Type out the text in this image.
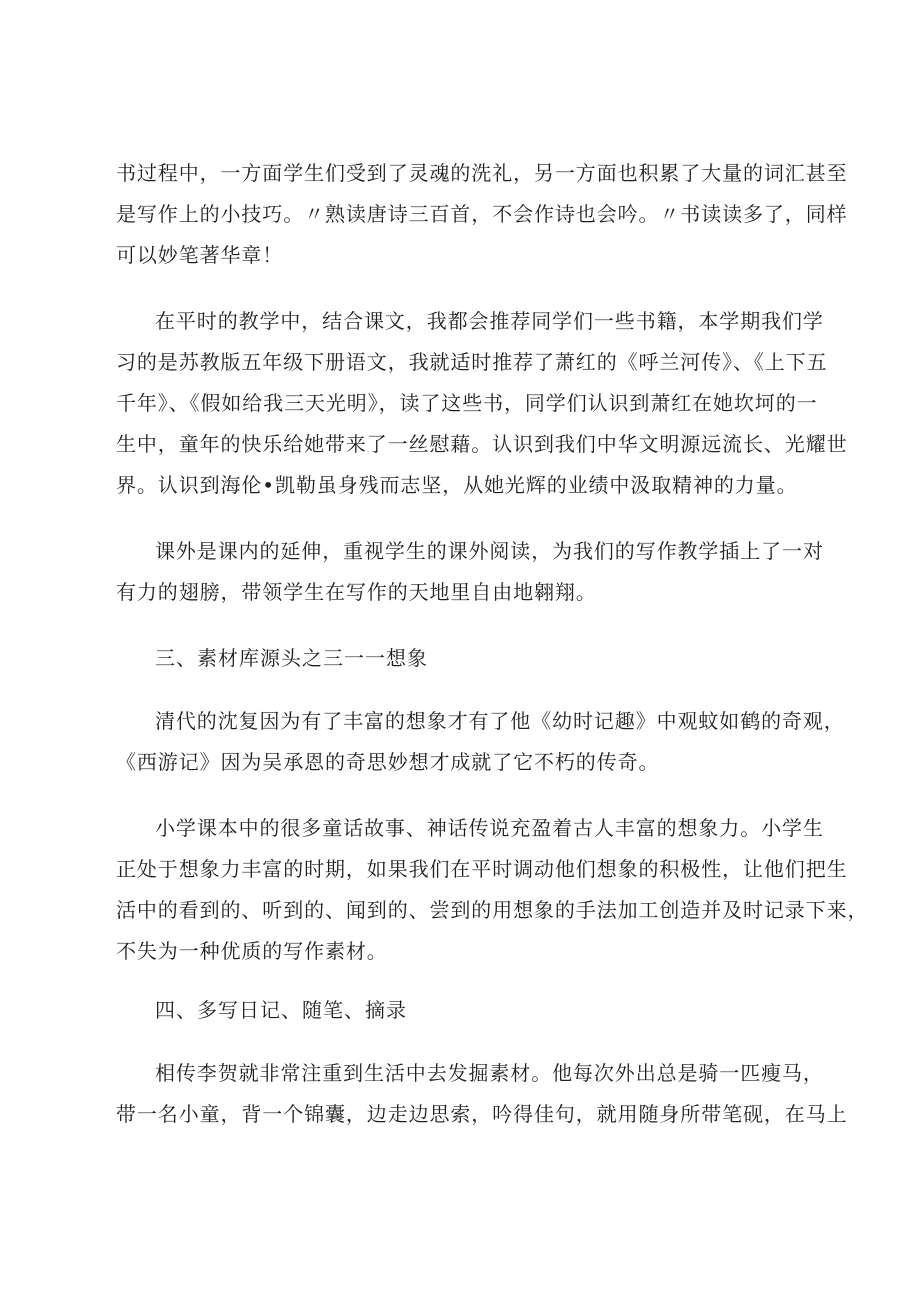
书过程中，一方面学生们受到了灵魂的洗礼，另一方面也积累了大量的词汇甚至
是写作上的小技巧。〃熟读唐诗三百首，不会作诗也会吟。〃书读读多了，同样
可以妙笔著华章！
在平时的教学中，结合课文，我都会推荐同学们一些书籍，本学期我们学
习的是苏教版五年级下册语文，我就适时推荐了萧红的《呼兰河传》、《上下五
千年》、《假如给我三天光明》，读了这些书，同学们认识到萧红在她坎坷的一
生中，童年的快乐给她带来了一丝慰藉。认识到我们中华文明源远流长、光耀世
界。认识到海伦•凯勒虽身残而志坚，从她光辉的业绩中汲取精神的力量。
课外是课内的延伸，重视学生的课外阅读，为我们的写作教学插上了一对
有力的翅膀，带领学生在写作的天地里自由地翱翔。
三、素材库源头之三一一想象
清代的沈复因为有了丰富的想象才有了他《幼时记趣》中观蚊如鹤的奇观，
《西游记》因为吴承恩的奇思妙想才成就了它不朽的传奇。
小学课本中的很多童话故事、神话传说充盈着古人丰富的想象力。小学生
正处于想象力丰富的时期，如果我们在平时调动他们想象的积极性，让他们把生
活中的看到的、听到的、闻到的、尝到的用想象的手法加工创造并及时记录下来，
不失为一种优质的写作素材。
四、多写日记、随笔、摘录
相传李贺就非常注重到生活中去发掘素材。他每次外出总是骑一匹瘦马，
带一名小童，背一个锦囊，边走边思索，吟得佳句，就用随身所带笔砚，在马上
